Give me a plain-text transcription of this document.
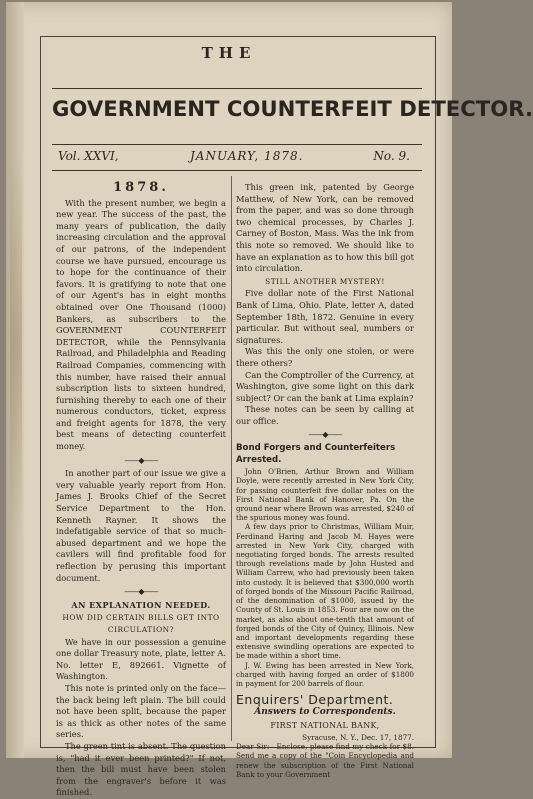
THE
GOVERNMENT COUNTERFEIT DETECTOR.
Vol. XXVI,	JANUARY, 1878.	No. 9.
1878.

With the present number, we begin a new year. The success of the past, the many years of publication, the daily increasing circulation and the approval of our patrons, of the independent course we have pursued, encourage us to hope for the continuance of their favors. It is gratifying to note that one of our Agent's has in eight months obtained over One Thousand (1000) Bankers, as subscribers to the GOVERNMENT COUNTERFEIT DETECTOR, while the Pennsylvania Railroad, and Philadelphia and Reading Railroad Companies, commencing with this number, have raised their annual subscription lists to sixteen hundred, furnishing thereby to each one of their numerous conductors, ticket, express and freight agents for 1878, the very best means of detecting counterfeit money.

——◆——

In another part of our issue we give a very valuable yearly report from Hon. James J. Brooks Chief of the Secret Service Department to the Hon. Kenneth Rayner. It shows the indefatigable service of that so much-abused department and we hope the cavilers will find profitable food for reflection by perusing this important document.

——◆——
AN EXPLANATION NEEDED.
HOW DID CERTAIN BILLS GET INTO CIRCULATION?

We have in our possession a genuine one dollar Treasury note, plate, letter A. No. letter E, 892661. Vignette of Washington.

This note is printed only on the face—the back being left plain. The bill could not have been split, because the paper is as thick as other notes of the same series.

The green tint is absent. The question is, "had it ever been printed?" If not, then the bill must have been stolen from the engraver's before it was finished.

This green ink, patented by George Matthew, of New York, can be removed from the paper, and was so done through two chemical processes, by Charles J. Carney of Boston, Mass. Was the ink from this note so removed. We should like to have an explanation as to how this bill got into circulation.

STILL ANOTHER MYSTERY!

Five dollar note of the First National Bank of Lima, Ohio. Plate, letter A, dated September 18th, 1872. Genuine in every particular. But without seal, numbers or signatures.

Was this the only one stolen, or were there others?

Can the Comptroller of the Currency, at Washington, give some light on this dark subject? Or can the bank at Lima explain?

These notes can be seen by calling at our office.

——◆——
Bond Forgers and Counterfeiters Arrested.

John O'Brien, Arthur Brown and William Doyle, were recently arrested in New York City, for passing counterfeit five dollar notes on the First National Bank of Hanover, Pa. On the ground near where Brown was arrested, $240 of the spurious money was found.

A few days prior to Christmas, William Muir, Ferdinand Haring and Jacob M. Hayes were arrested in New York City, charged with negotiating forged bonds. The arrests resulted through revelations made by John Husted and William Carrew, who had previously been taken into custody. It is believed that $300,000 worth of forged bonds of the Missouri Pacific Railroad, of the denomination of $1000, issued by the County of St. Louis in 1853. Four are now on the market, as also about one-tenth that amount of forged bonds of the City of Quincy, Illinois. New and important developments regarding these extensive swindling operations are expected to be made within a short time.

J. W. Ewing has been arrested in New York, charged with having forged an order of $1800 in payment for 200 barrels of flour.

Enquirers' Department.
Answers to Correspondents.
FIRST NATIONAL BANK,

Syracuse, N. Y., Dec. 17, 1877.

Dear Sir:—Enclose, please find my check for $8. Send me a copy of the "Coin Encyclopedia and renew the subscription of the First National Bank to your Government
